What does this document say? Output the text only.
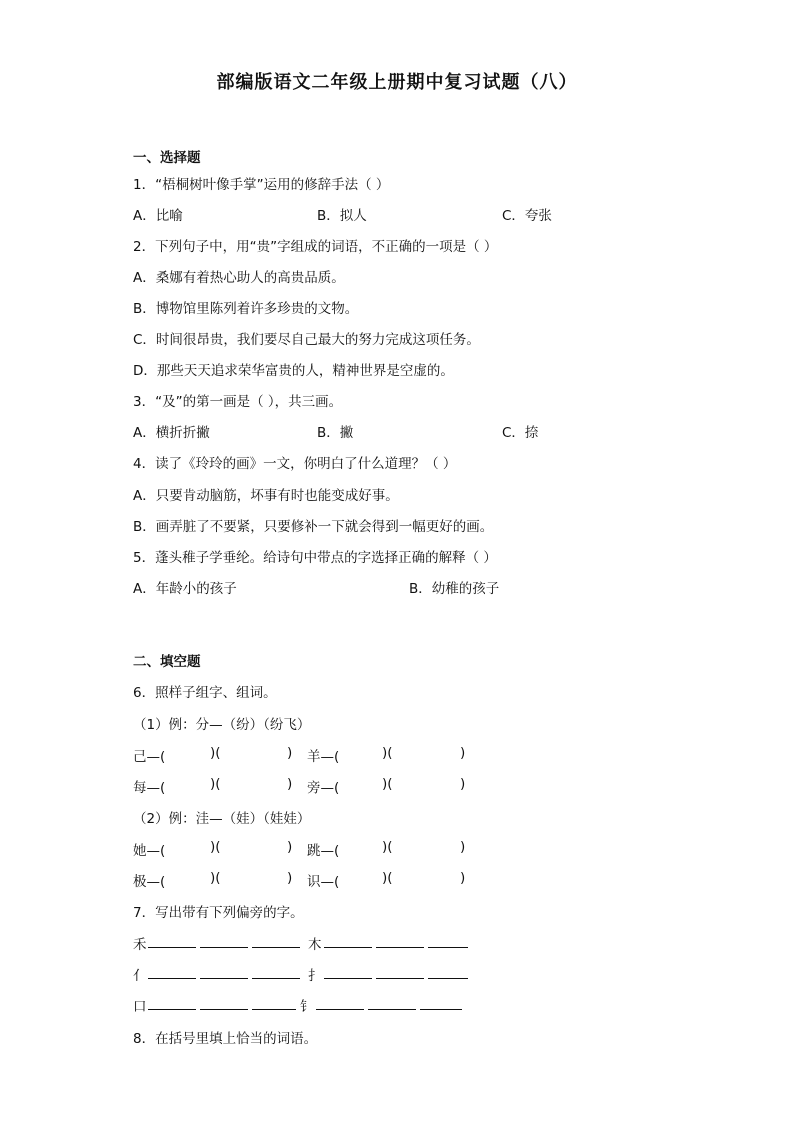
部编版语文二年级上册期中复习试题（八）
一、选择题
1．“梧桐树叶像手掌”运用的修辞手法（ ）
A．比喻	B．拟人	C．夸张
2．下列句子中，用“贵”字组成的词语，不正确的一项是（ ）
A．桑娜有着热心助人的高贵品质。
B．博物馆里陈列着许多珍贵的文物。
C．时间很昂贵，我们要尽自己最大的努力完成这项任务。
D．那些天天追求荣华富贵的人，精神世界是空虚的。
3．“及”的第一画是（ ），共三画。
A．横折折撇	B．撇	C．捺
4．读了《玲玲的画》一文，你明白了什么道理？（ ）
A．只要肯动脑筋，坏事有时也能变成好事。
B．画弄脏了不要紧，只要修补一下就会得到一幅更好的画。
5．蓬头稚子学垂纶。给诗句中带点的字选择正确的解释（ ）
A．年龄小的孩子	B．幼稚的孩子
二、填空题
6．照样子组字、组词。
（1）例：分—（纷）（纷飞）
己—(	)(	) 羊—(	)(	)
每—(	)(	) 旁—(	)(	)
（2）例：洼—（娃）（娃娃）
她—(	)(	) 跳—(	)(	)
极—(	)(	) 识—(	)(	)
7．写出带有下列偏旁的字。
禾	木
亻	扌
口	钅
8．在括号里填上恰当的词语。
